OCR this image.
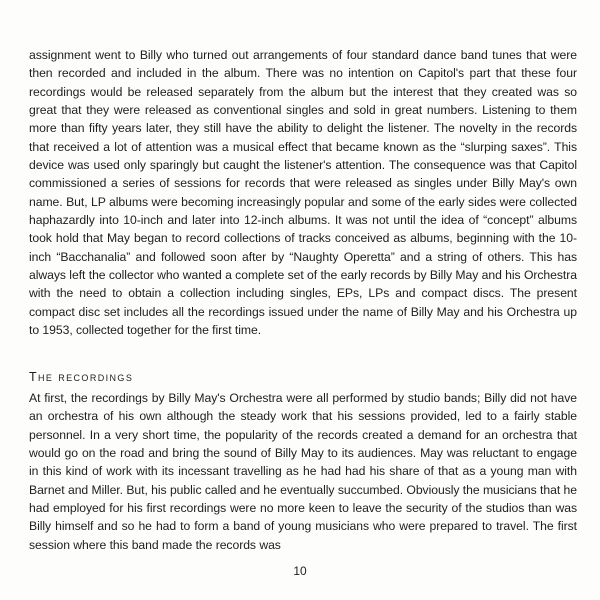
assignment went to Billy who turned out arrangements of four standard dance band tunes that were then recorded and included in the album. There was no intention on Capitol's part that these four recordings would be released separately from the album but the interest that they created was so great that they were released as conventional singles and sold in great numbers. Listening to them more than fifty years later, they still have the ability to delight the listener. The novelty in the records that received a lot of attention was a musical effect that became known as the “slurping saxes”. This device was used only sparingly but caught the listener's attention. The consequence was that Capitol commissioned a series of sessions for records that were released as singles under Billy May's own name. But, LP albums were becoming increasingly popular and some of the early sides were collected haphazardly into 10-inch and later into 12-inch albums. It was not until the idea of “concept” albums took hold that May began to record collections of tracks conceived as albums, beginning with the 10-inch “Bacchanalia” and followed soon after by “Naughty Operetta” and a string of others. This has always left the collector who wanted a complete set of the early records by Billy May and his Orchestra with the need to obtain a collection including singles, EPs, LPs and compact discs. The present compact disc set includes all the recordings issued under the name of Billy May and his Orchestra up to 1953, collected together for the first time.

The recordings

At first, the recordings by Billy May's Orchestra were all performed by studio bands; Billy did not have an orchestra of his own although the steady work that his sessions provided, led to a fairly stable personnel. In a very short time, the popularity of the records created a demand for an orchestra that would go on the road and bring the sound of Billy May to its audiences. May was reluctant to engage in this kind of work with its incessant travelling as he had had his share of that as a young man with Barnet and Miller. But, his public called and he eventually succumbed. Obviously the musicians that he had employed for his first recordings were no more keen to leave the security of the studios than was Billy himself and so he had to form a band of young musicians who were prepared to travel. The first session where this band made the records was

10
